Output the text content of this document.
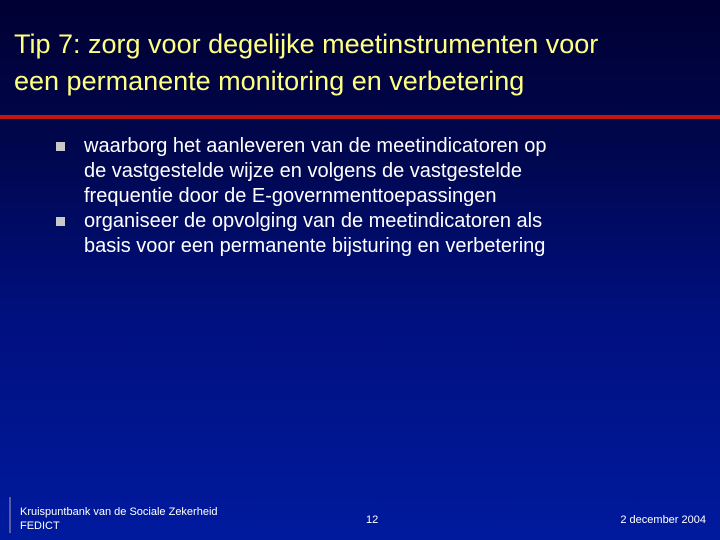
Tip 7: zorg voor degelijke meetinstrumenten voor
een permanente monitoring en verbetering
waarborg het aanleveren van de meetindicatoren op
de vastgestelde wijze en volgens de vastgestelde
frequentie door de E-governmenttoepassingen
organiseer de opvolging van de meetindicatoren als
basis voor een permanente bijsturing en verbetering
Kruispuntbank van de Sociale Zekerheid
FEDICT	12	2 december 2004
